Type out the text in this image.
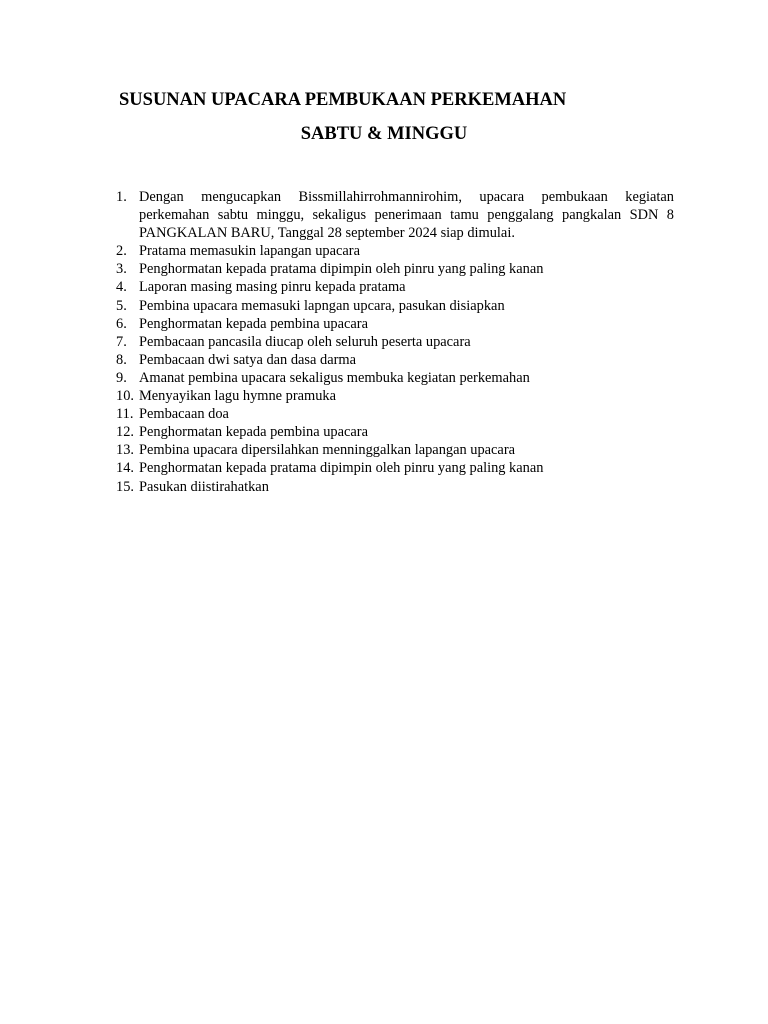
SUSUNAN UPACARA PEMBUKAAN PERKEMAHAN
SABTU & MINGGU
1. Dengan mengucapkan Bissmillahirrohmannirohim, upacara pembukaan kegiatan perkemahan sabtu minggu, sekaligus penerimaan tamu penggalang pangkalan SDN 8 PANGKALAN BARU, Tanggal 28 september 2024 siap dimulai.
2. Pratama memasukin lapangan upacara
3. Penghormatan kepada pratama dipimpin oleh pinru yang paling kanan
4. Laporan masing masing pinru kepada pratama
5. Pembina upacara memasuki lapngan upcara, pasukan disiapkan
6. Penghormatan kepada pembina upacara
7. Pembacaan pancasila diucap oleh seluruh peserta upacara
8. Pembacaan dwi satya dan dasa darma
9. Amanat pembina upacara sekaligus membuka kegiatan perkemahan
10. Menyayikan lagu hymne pramuka
11. Pembacaan doa
12. Penghormatan kepada pembina upacara
13. Pembina upacara dipersilahkan menninggalkan lapangan upacara
14. Penghormatan kepada pratama dipimpin oleh pinru yang paling kanan
15. Pasukan diistirahatkan
